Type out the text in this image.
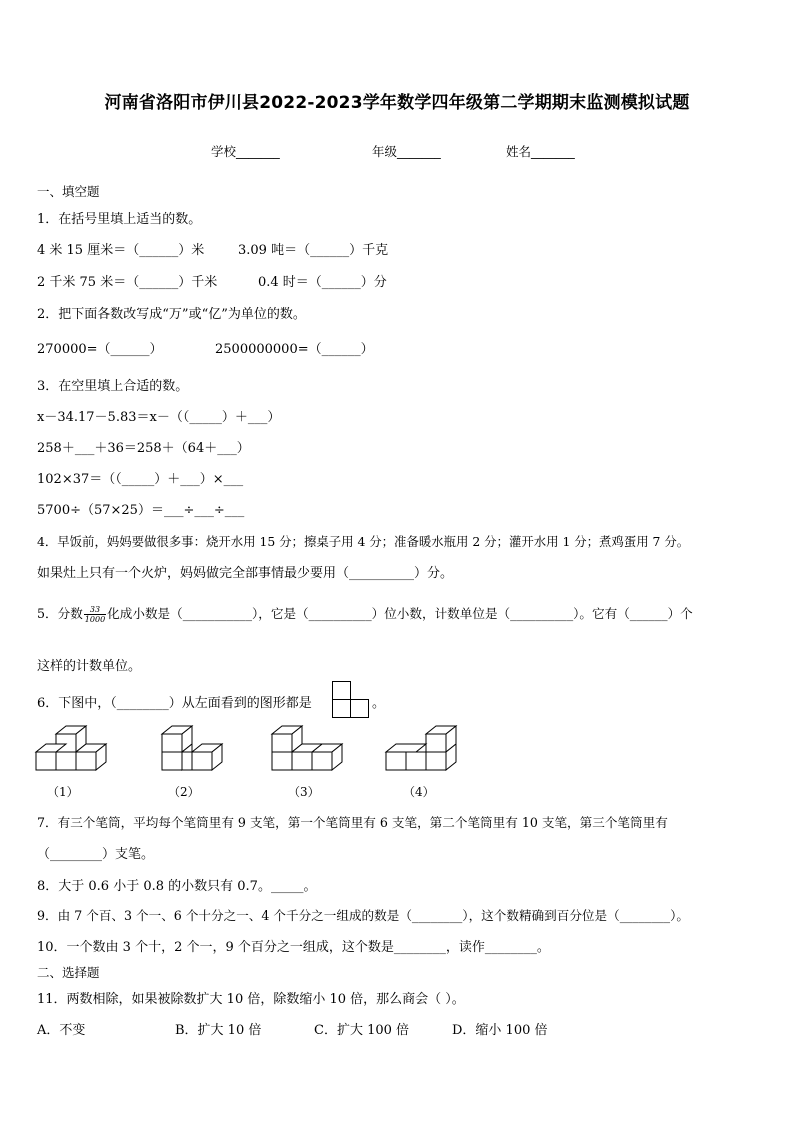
河南省洛阳市伊川县2022-2023学年数学四年级第二学期期末监测模拟试题
学校_______	年级_______	姓名_______
一、填空题
1．在括号里填上适当的数。
4 米 15 厘米＝（______）米	3.09 吨＝（______）千克
2 千米 75 米＝（______）千米	0.4 时＝（______）分
2．把下面各数改写成“万”或“亿”为单位的数。
270000=（______）	2500000000=（______）
3．在空里填上合适的数。
x－34.17－5.83＝x－（（_____）＋___）
258＋___＋36＝258＋（64＋___）
102×37＝（（_____）＋___）×___
5700÷（57×25）＝___÷___÷___
4．早饭前，妈妈要做很多事：烧开水用 15 分；擦桌子用 4 分；准备暖水瓶用 2 分；灌开水用 1 分；煮鸡蛋用 7 分。
如果灶上只有一个火炉，妈妈做完全部事情最少要用（__________）分。
5．分数 $\frac{33}{1000}$ 化成小数是（___________），它是（__________）位小数，计数单位是（__________）。它有（______）个
这样的计数单位。
6．下图中，（________）从左面看到的图形都是	。
（1）	（2）	（3）	（4）
7．有三个笔筒，平均每个笔筒里有 9 支笔，第一个笔筒里有 6 支笔，第二个笔筒里有 10 支笔，第三个笔筒里有
（________）支笔。
8．大于 0.6 小于 0.8 的小数只有 0.7。_____。
9．由 7 个百、3 个一、6 个十分之一、4 个千分之一组成的数是（________），这个数精确到百分位是（________）。
10．一个数由 3 个十，2 个一，9 个百分之一组成，这个数是________，读作________。
二、选择题
11．两数相除，如果被除数扩大 10 倍，除数缩小 10 倍，那么商会（ ）。
A．不变	B．扩大 10 倍	C．扩大 100 倍	D．缩小 100 倍
